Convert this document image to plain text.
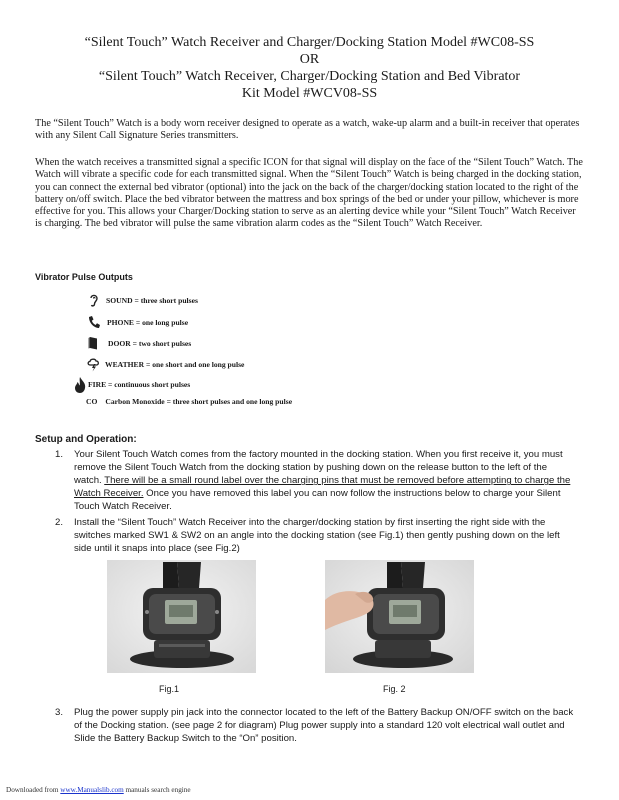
“Silent Touch” Watch Receiver and Charger/Docking Station Model #WC08-SS
OR
“Silent Touch” Watch Receiver, Charger/Docking Station and Bed Vibrator
Kit Model #WCV08-SS

The “Silent Touch” Watch is a body worn receiver designed to operate as a watch, wake-up alarm and a built-in receiver that operates with any Silent Call Signature Series transmitters.

When the watch receives a transmitted signal a specific ICON for that signal will display on the face of the “Silent Touch” Watch. The Watch will vibrate a specific code for each transmitted signal. When the “Silent Touch” Watch is being charged in the docking station, you can connect the external bed vibrator (optional) into the jack on the back of the charger/docking station located to the right of the battery on/off switch. Place the bed vibrator between the mattress and box springs of the bed or under your pillow, whichever is more effective for you. This allows your Charger/Docking station to serve as an alerting device while your “Silent Touch” Watch Receiver is charging. The bed vibrator will pulse the same vibration alarm codes as the “Silent Touch” Watch Receiver.

Vibrator Pulse Outputs
SOUND = three short pulses
PHONE = one long pulse
DOOR = two short pulses
WEATHER = one short and one long pulse
FIRE = continuous short pulses
CO Carbon Monoxide = three short pulses and one long pulse
Setup and Operation:
1.	Your Silent Touch Watch comes from the factory mounted in the docking station. When you first receive it, you must remove the Silent Touch Watch from the docking station by pushing down on the release button to the left of the watch. There will be a small round label over the charging pins that must be removed before attempting to charge the Watch Receiver. Once you have removed this label you can now follow the instructions below to charge your Silent Touch Watch Receiver.
2.	Install the “Silent Touch” Watch Receiver into the charger/docking station by first inserting the right side with the switches marked SW1 & SW2 on an angle into the docking station (see Fig.1) then gently pushing down on the left side until it snaps into place (see Fig.2)
3.	Plug the power supply pin jack into the connector located to the left of the Battery Backup ON/OFF switch on the back of the Docking station. (see page 2 for diagram) Plug power supply into a standard 120 volt electrical wall outlet and Slide the Battery Backup Switch to the “On” position.
Fig.1	Fig. 2
Downloaded from www.Manualslib.com manuals search engine
